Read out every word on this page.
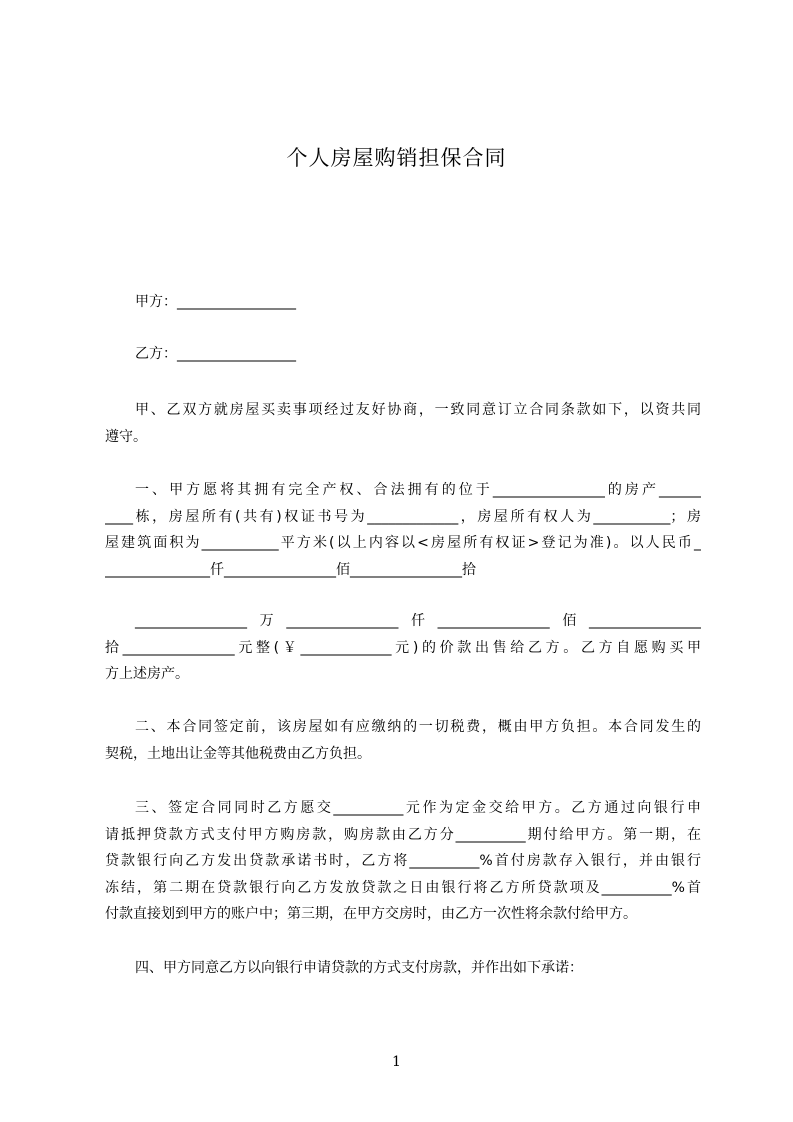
个人房屋购销担保合同
甲方：_________________
乙方：_________________
甲、乙双方就房屋买卖事项经过友好协商，一致同意订立合同条款如下，以资共同
遵守。
一、甲方愿将其拥有完全产权、合法拥有的位于________________的房产______
____栋，房屋所有(共有)权证书号为_____________，房屋所有权人为___________；房
屋建筑面积为___________平方米(以上内容以<房屋所有权证>登记为准)。以人民币_
_______________仟________________佰________________拾
________________万________________仟________________佰________________
拾________________元整(￥_____________元)的价款出售给乙方。乙方自愿购买甲
方上述房产。
二、本合同签定前，该房屋如有应缴纳的一切税费，概由甲方负担。本合同发生的
契税，土地出让金等其他税费由乙方负担。
三、签定合同同时乙方愿交__________元作为定金交给甲方。乙方通过向银行申
请抵押贷款方式支付甲方购房款，购房款由乙方分__________期付给甲方。第一期，在
贷款银行向乙方发出贷款承诺书时，乙方将__________%首付房款存入银行，并由银行
冻结，第二期在贷款银行向乙方发放贷款之日由银行将乙方所贷款项及__________%首
付款直接划到甲方的账户中；第三期，在甲方交房时，由乙方一次性将余款付给甲方。
四、甲方同意乙方以向银行申请贷款的方式支付房款，并作出如下承诺：
1
